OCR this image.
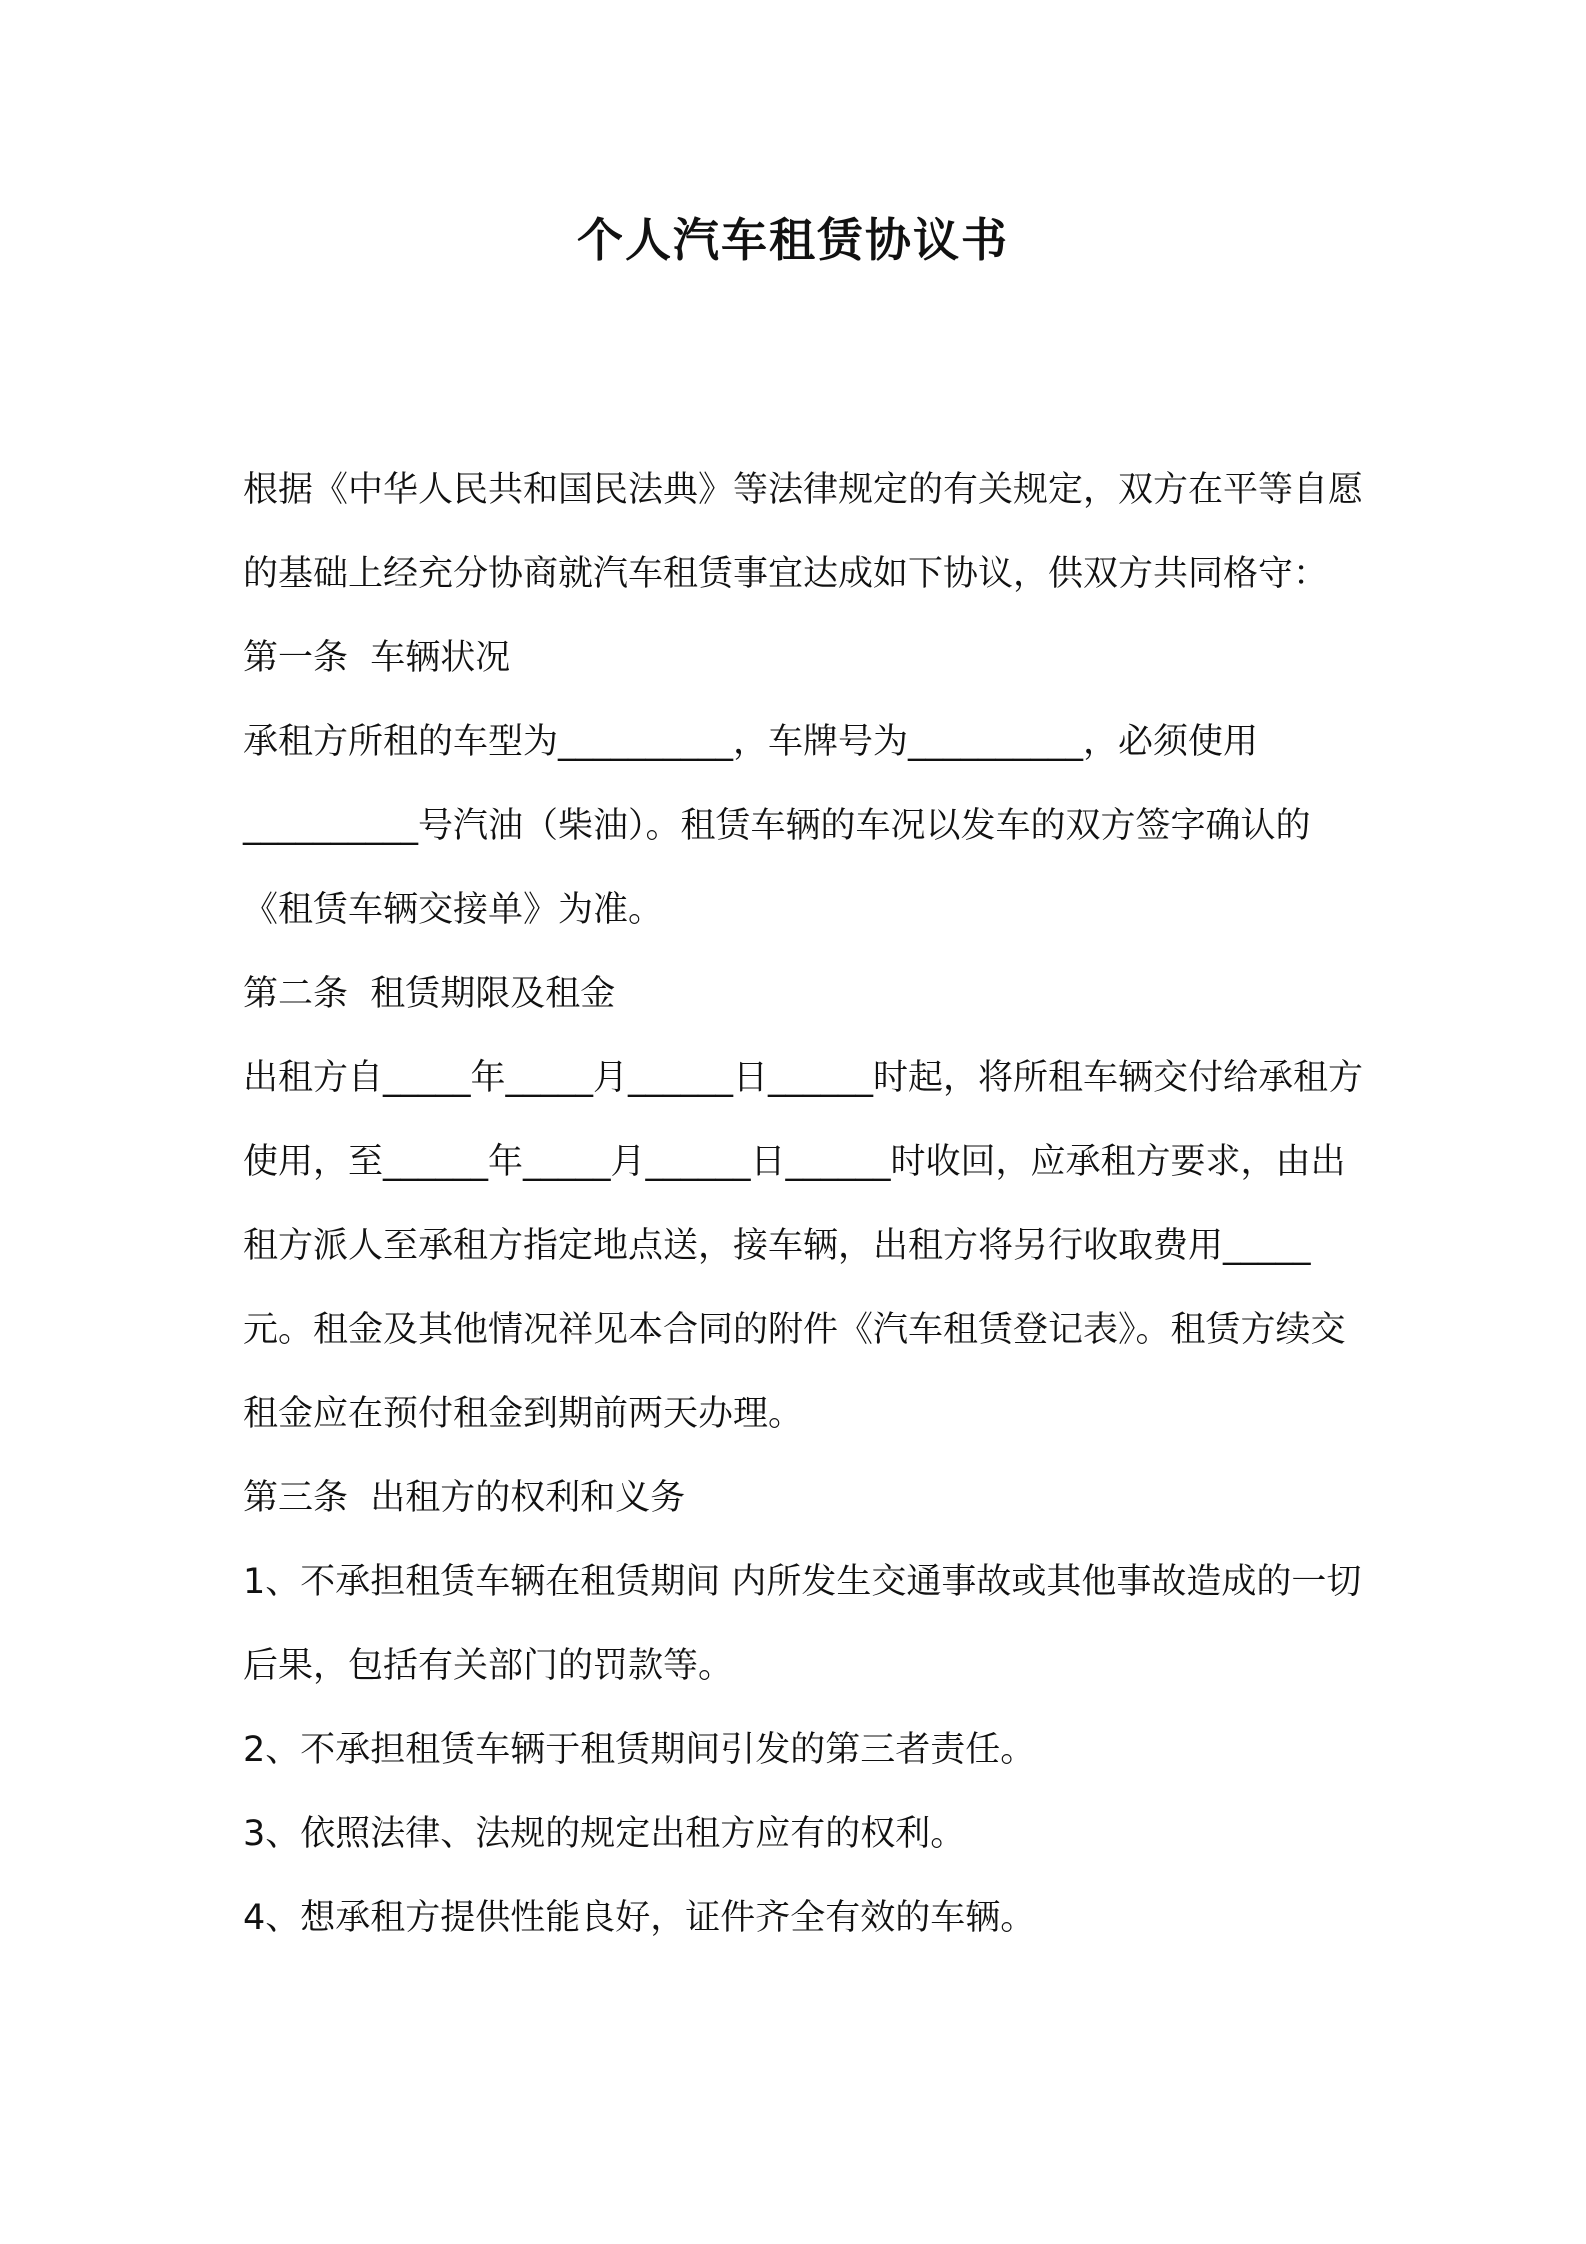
个人汽车租赁协议书

根据《中华人民共和国民法典》等法律规定的有关规定，双方在平等自愿的基础上经充分协商就汽车租赁事宜达成如下协议，供双方共同格守：

第一条  车辆状况

承租方所租的车型为__________，车牌号为__________，必须使用__________号汽油（柴油）。租赁车辆的车况以发车的双方签字确认的《租赁车辆交接单》为准。

第二条  租赁期限及租金

出租方自_____年_____月______日______时起，将所租车辆交付给承租方使用，至______年_____月______日______时收回，应承租方要求，由出租方派人至承租方指定地点送，接车辆，出租方将另行收取费用_____元。租金及其他情况祥见本合同的附件《汽车租赁登记表》。租赁方续交租金应在预付租金到期前两天办理。

第三条  出租方的权利和义务

1、不承担租赁车辆在租赁期间 内所发生交通事故或其他事故造成的一切后果，包括有关部门的罚款等。

2、不承担租赁车辆于租赁期间引发的第三者责任。

3、依照法律、法规的规定出租方应有的权利。

4、想承租方提供性能良好，证件齐全有效的车辆。
